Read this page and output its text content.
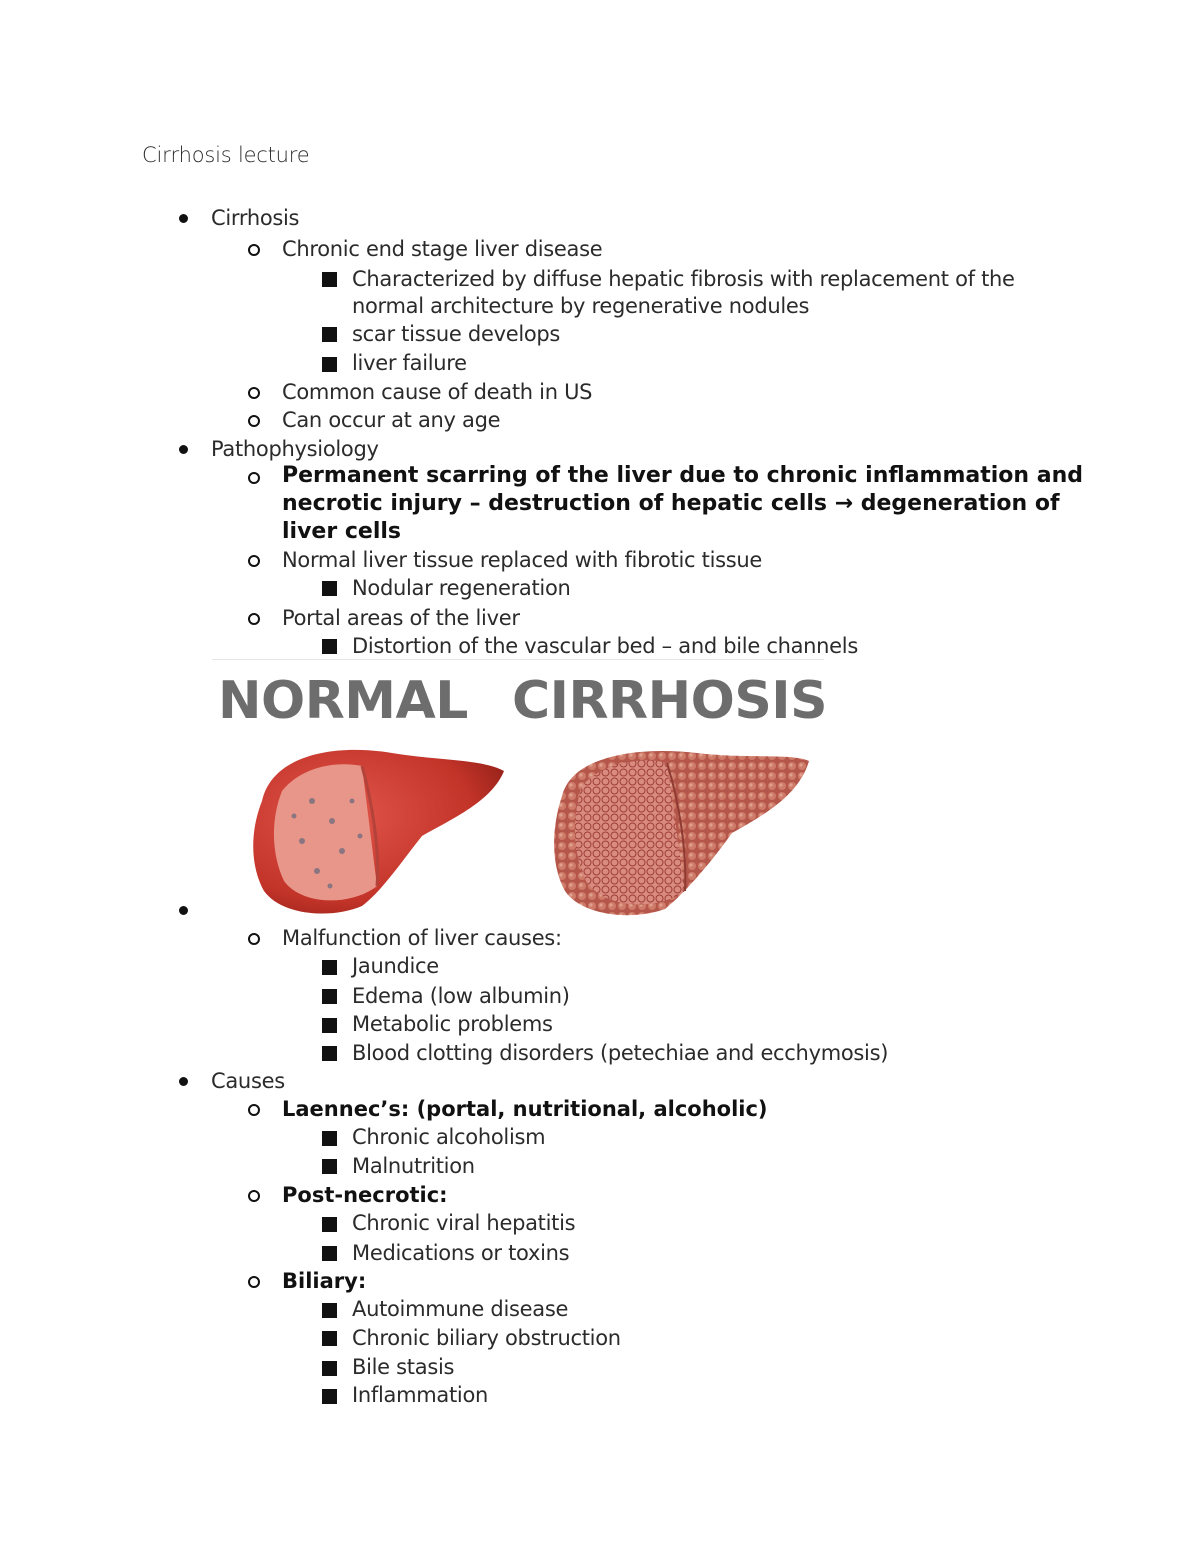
Cirrhosis lecture
Cirrhosis
Chronic end stage liver disease
Characterized by diffuse hepatic fibrosis with replacement of the
normal architecture by regenerative nodules
scar tissue develops
liver failure
Common cause of death in US
Can occur at any age
Pathophysiology
Permanent scarring of the liver due to chronic inflammation and
necrotic injury – destruction of hepatic cells → degeneration of
liver cells
Normal liver tissue replaced with fibrotic tissue
Nodular regeneration
Portal areas of the liver
Distortion of the vascular bed – and bile channels
NORMAL CIRRHOSIS
Malfunction of liver causes:
Jaundice
Edema (low albumin)
Metabolic problems
Blood clotting disorders (petechiae and ecchymosis)
Causes
Laennec’s: (portal, nutritional, alcoholic)
Chronic alcoholism
Malnutrition
Post-necrotic:
Chronic viral hepatitis
Medications or toxins
Biliary:
Autoimmune disease
Chronic biliary obstruction
Bile stasis
Inflammation
